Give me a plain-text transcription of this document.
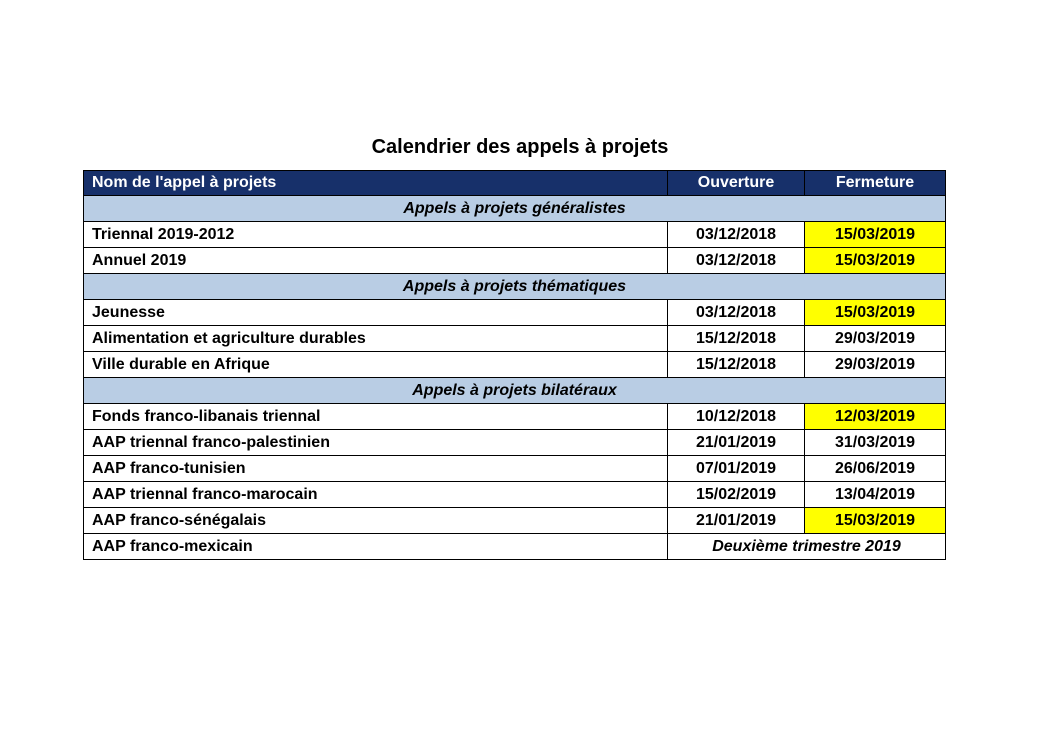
Calendrier des appels à projets
Nom de l'appel à projets	Ouverture	Fermeture
Appels à projets généralistes		
Triennal 2019-2012	03/12/2018	15/03/2019
Annuel 2019	03/12/2018	15/03/2019
Appels à projets thématiques		
Jeunesse	03/12/2018	15/03/2019
Alimentation et agriculture durables	15/12/2018	29/03/2019
Ville durable en Afrique	15/12/2018	29/03/2019
Appels à projets bilatéraux		
Fonds franco-libanais triennal	10/12/2018	12/03/2019
AAP triennal franco-palestinien	21/01/2019	31/03/2019
AAP franco-tunisien	07/01/2019	26/06/2019
AAP triennal franco-marocain	15/02/2019	13/04/2019
AAP franco-sénégalais	21/01/2019	15/03/2019
AAP franco-mexicain	Deuxième trimestre 2019	
